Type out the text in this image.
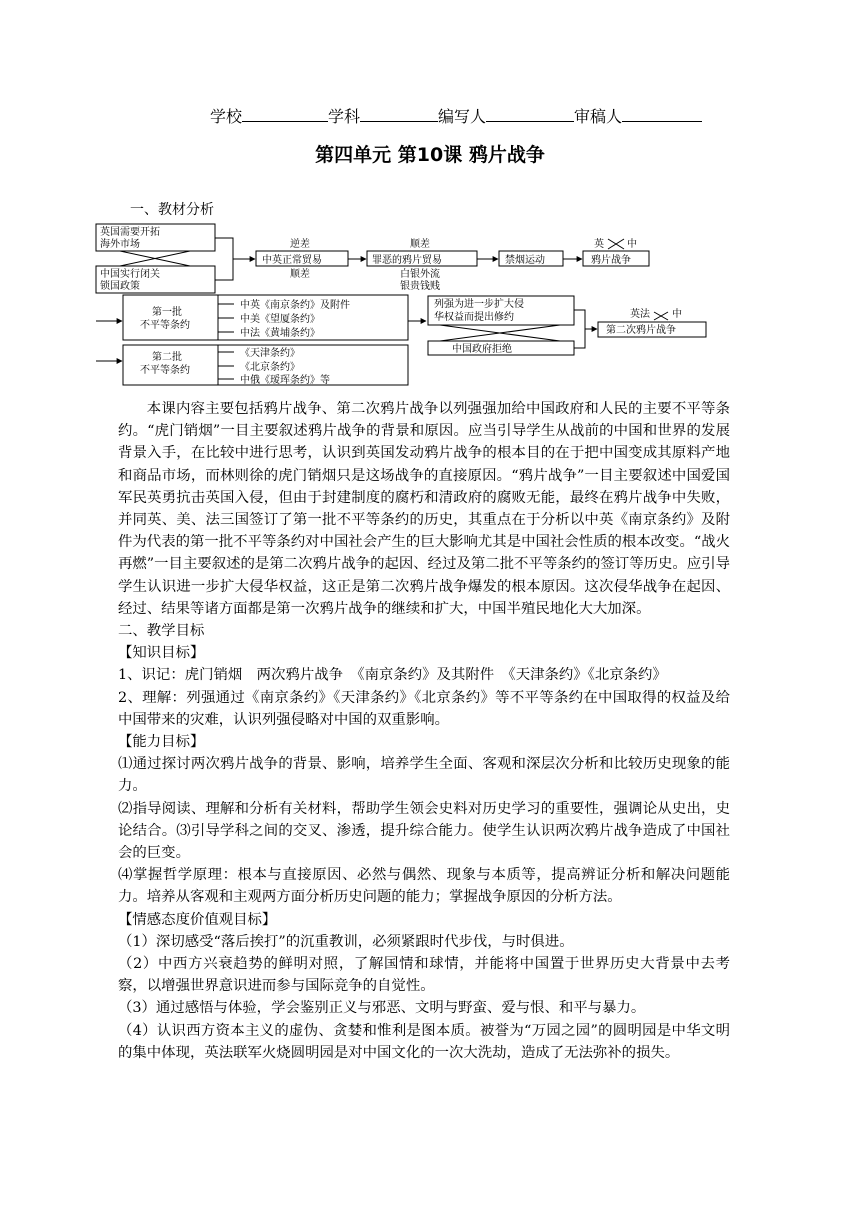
学校	学科	编写人	审稿人
第四单元 第10课 鸦片战争
一、教材分析
英国需要开拓
海外市场
中国实行闭关
锁国政策
逆差
中英正常贸易
顺差
顺差
罪恶的鸦片贸易
白银外流
银贵钱贱
禁烟运动
英 中
鸦片战争
第一批
不平等条约
中英《南京条约》及附件
中美《望厦条约》
中法《黄埔条约》
列强为进一步扩大侵
华权益而提出修约
中国政府拒绝
英法 中
第二次鸦片战争
第二批
不平等条约
《天津条约》
《北京条约》
中俄《瑷珲条约》等

本课内容主要包括鸦片战争、第二次鸦片战争以列强强加给中国政府和人民的主要不平等条约。“虎门销烟”一目主要叙述鸦片战争的背景和原因。应当引导学生从战前的中国和世界的发展背景入手，在比较中进行思考，认识到英国发动鸦片战争的根本目的在于把中国变成其原料产地和商品市场，而林则徐的虎门销烟只是这场战争的直接原因。“鸦片战争”一目主要叙述中国爱国军民英勇抗击英国入侵，但由于封建制度的腐朽和清政府的腐败无能，最终在鸦片战争中失败，并同英、美、法三国签订了第一批不平等条约的历史，其重点在于分析以中英《南京条约》及附件为代表的第一批不平等条约对中国社会产生的巨大影响尤其是中国社会性质的根本改变。“战火再燃”一目主要叙述的是第二次鸦片战争的起因、经过及第二批不平等条约的签订等历史。应引导学生认识进一步扩大侵华权益，这正是第二次鸦片战争爆发的根本原因。这次侵华战争在起因、经过、结果等诸方面都是第一次鸦片战争的继续和扩大，中国半殖民地化大大加深。

二、教学目标

【知识目标】

1、识记：虎门销烟　两次鸦片战争　《南京条约》及其附件　《天津条约》《北京条约》

2、理解：列强通过《南京条约》《天津条约》《北京条约》等不平等条约在中国取得的权益及给中国带来的灾难，认识列强侵略对中国的双重影响。

【能力目标】

⑴通过探讨两次鸦片战争的背景、影响，培养学生全面、客观和深层次分析和比较历史现象的能力。

⑵指导阅读、理解和分析有关材料，帮助学生领会史料对历史学习的重要性，强调论从史出，史论结合。⑶引导学科之间的交叉、渗透，提升综合能力。使学生认识两次鸦片战争造成了中国社会的巨变。

⑷掌握哲学原理：根本与直接原因、必然与偶然、现象与本质等，提高辨证分析和解决问题能力。培养从客观和主观两方面分析历史问题的能力；掌握战争原因的分析方法。

【情感态度价值观目标】

（1）深切感受“落后挨打”的沉重教训，必须紧跟时代步伐，与时俱进。

（2）中西方兴衰趋势的鲜明对照，了解国情和球情，并能将中国置于世界历史大背景中去考察，以增强世界意识进而参与国际竞争的自觉性。

（3）通过感悟与体验，学会鉴别正义与邪恶、文明与野蛮、爱与恨、和平与暴力。

（4）认识西方资本主义的虚伪、贪婪和惟利是图本质。被誉为“万园之园”的圆明园是中华文明的集中体现，英法联军火烧圆明园是对中国文化的一次大洗劫，造成了无法弥补的损失。
